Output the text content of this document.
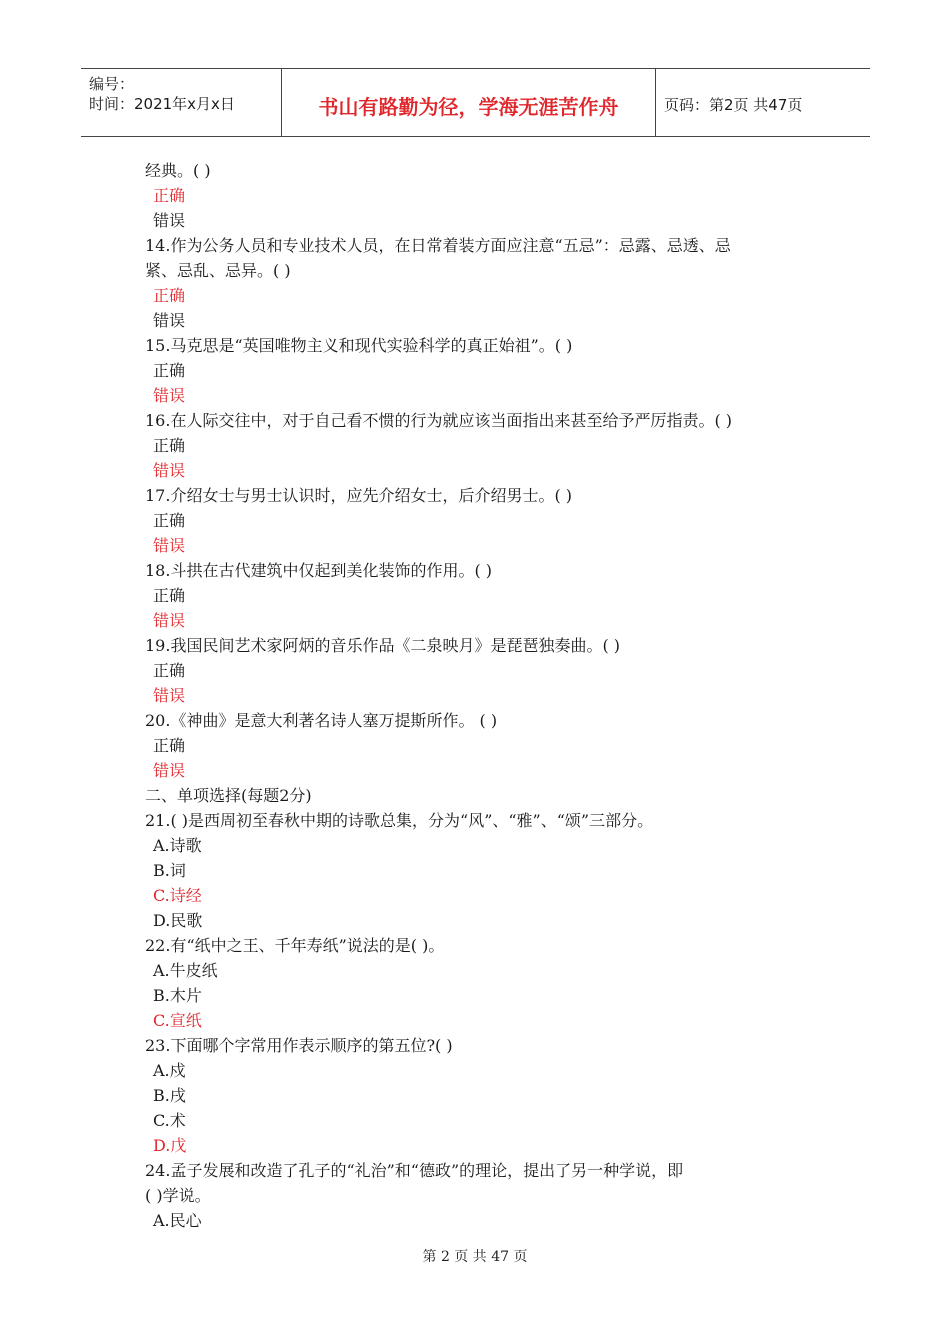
编号：
时间：2021年x月x日	书山有路勤为径，学海无涯苦作舟	页码：第2页 共47页
经典。( )
正确
错误
14.作为公务人员和专业技术人员，在日常着装方面应注意“五忌”：忌露、忌透、忌
紧、忌乱、忌异。( )
正确
错误
15.马克思是“英国唯物主义和现代实验科学的真正始祖”。( )
正确
错误
16.在人际交往中，对于自己看不惯的行为就应该当面指出来甚至给予严厉指责。( )
正确
错误
17.介绍女士与男士认识时，应先介绍女士，后介绍男士。( )
正确
错误
18.斗拱在古代建筑中仅起到美化装饰的作用。( )
正确
错误
19.我国民间艺术家阿炳的音乐作品《二泉映月》是琵琶独奏曲。( )
正确
错误
20.《神曲》是意大利著名诗人塞万提斯所作。 ( )
正确
错误
二、单项选择(每题2分)
21.( )是西周初至春秋中期的诗歌总集，分为“风”、“雅”、“颂”三部分。
A.诗歌
B.词
C.诗经
D.民歌
22.有“纸中之王、千年寿纸”说法的是( )。
A.牛皮纸
B.木片
C.宣纸
23.下面哪个字常用作表示顺序的第五位?( )
A.戍
B.戌
C.术
D.戊
24.孟子发展和改造了孔子的“礼治”和“德政”的理论，提出了另一种学说，即
( )学说。
A.民心
第 2 页 共 47 页
